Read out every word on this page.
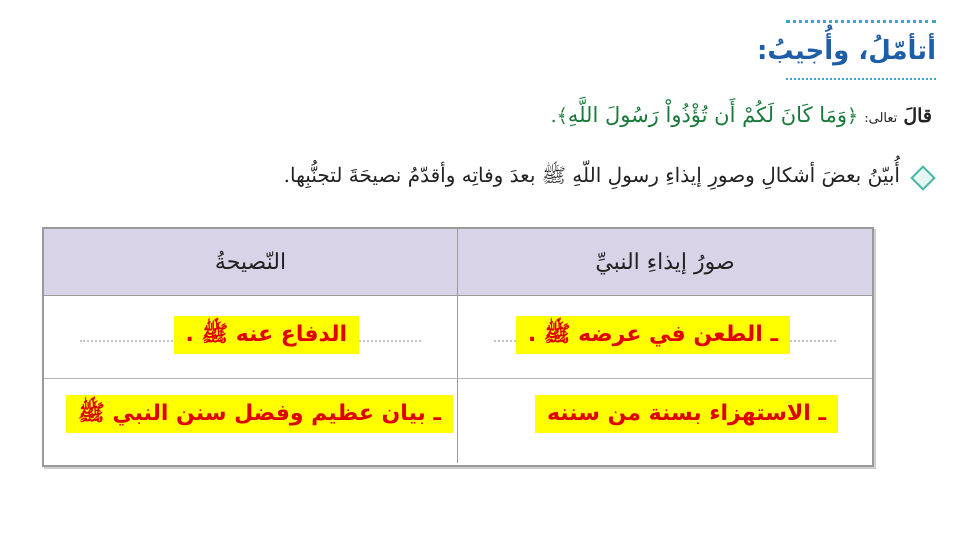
أتأمّلُ، وأُجيبُ:
قالَ تعالى: ﴿وَمَا كَانَ لَكُمْ أَن تُؤْذُواْ رَسُولَ اللَّهِ﴾.
أُبيّنُ بعضَ أشكالِ وصورِ إيذاءِ رسولِ اللّهِ ﷺ بعدَ وفاتِه وأقدّمُ نصيحَةَ لتجنُّبِها.
صورُ إيذاءِ النبيِّ
النّصيحةُ
ـ الطعن في عرضه ﷺ .
الدفاع عنه ﷺ .
ـ الاستهزاء بسنة من سننه
ـ بيان عظيم وفضل سنن النبي ﷺ
